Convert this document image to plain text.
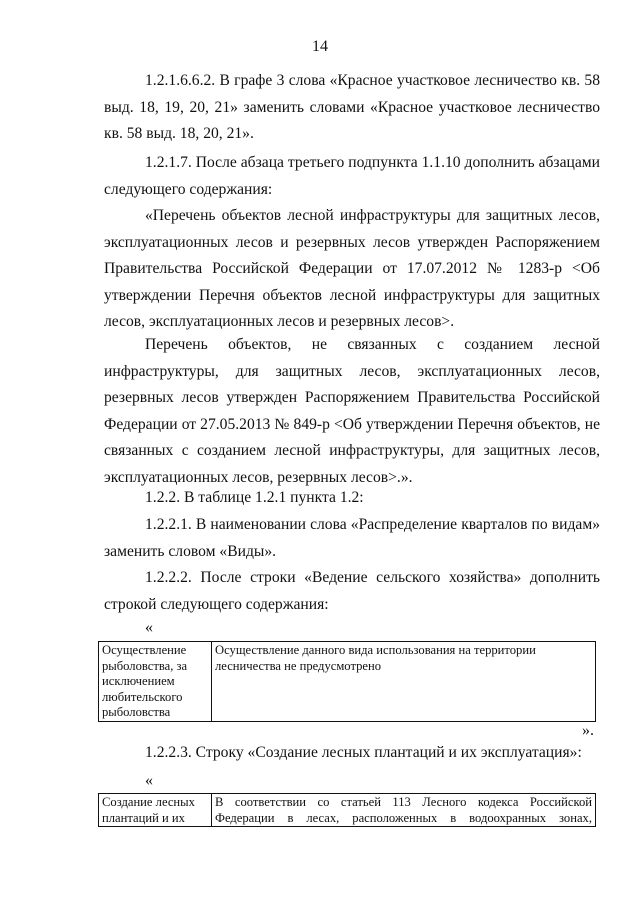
14

1.2.1.6.6.2. В графе 3 слова «Красное участковое лесничество кв. 58 выд. 18, 19, 20, 21» заменить словами «Красное участковое лесничество кв. 58 выд. 18, 20, 21».

1.2.1.7. После абзаца третьего подпункта 1.1.10 дополнить абзацами следующего содержания:

«Перечень объектов лесной инфраструктуры для защитных лесов, эксплуатационных лесов и резервных лесов утвержден Распоряжением Правительства Российской Федерации от 17.07.2012 № 1283-р <Об утверждении Перечня объектов лесной инфраструктуры для защитных лесов, эксплуатационных лесов и резервных лесов>.

Перечень объектов, не связанных с созданием лесной инфраструктуры, для защитных лесов, эксплуатационных лесов, резервных лесов утвержден Распоряжением Правительства Российской Федерации от 27.05.2013 № 849-р <Об утверждении Перечня объектов, не связанных с созданием лесной инфраструктуры, для защитных лесов, эксплуатационных лесов, резервных лесов>.».

1.2.2. В таблице 1.2.1 пункта 1.2:

1.2.2.1. В наименовании слова «Распределение кварталов по видам» заменить словом «Виды».

1.2.2.2. После строки «Ведение сельского хозяйства» дополнить строкой следующего содержания:

«
Осуществление рыболовства, за исключением любительского рыболовства	Осуществление данного вида использования на территории лесничества не предусмотрено
».

1.2.2.3. Строку «Создание лесных плантаций и их эксплуатация»:

«
Создание лесных плантаций и их	В соответствии со статьей 113 Лесного кодекса Российской Федерации в лесах, расположенных в водоохранных зонах,
